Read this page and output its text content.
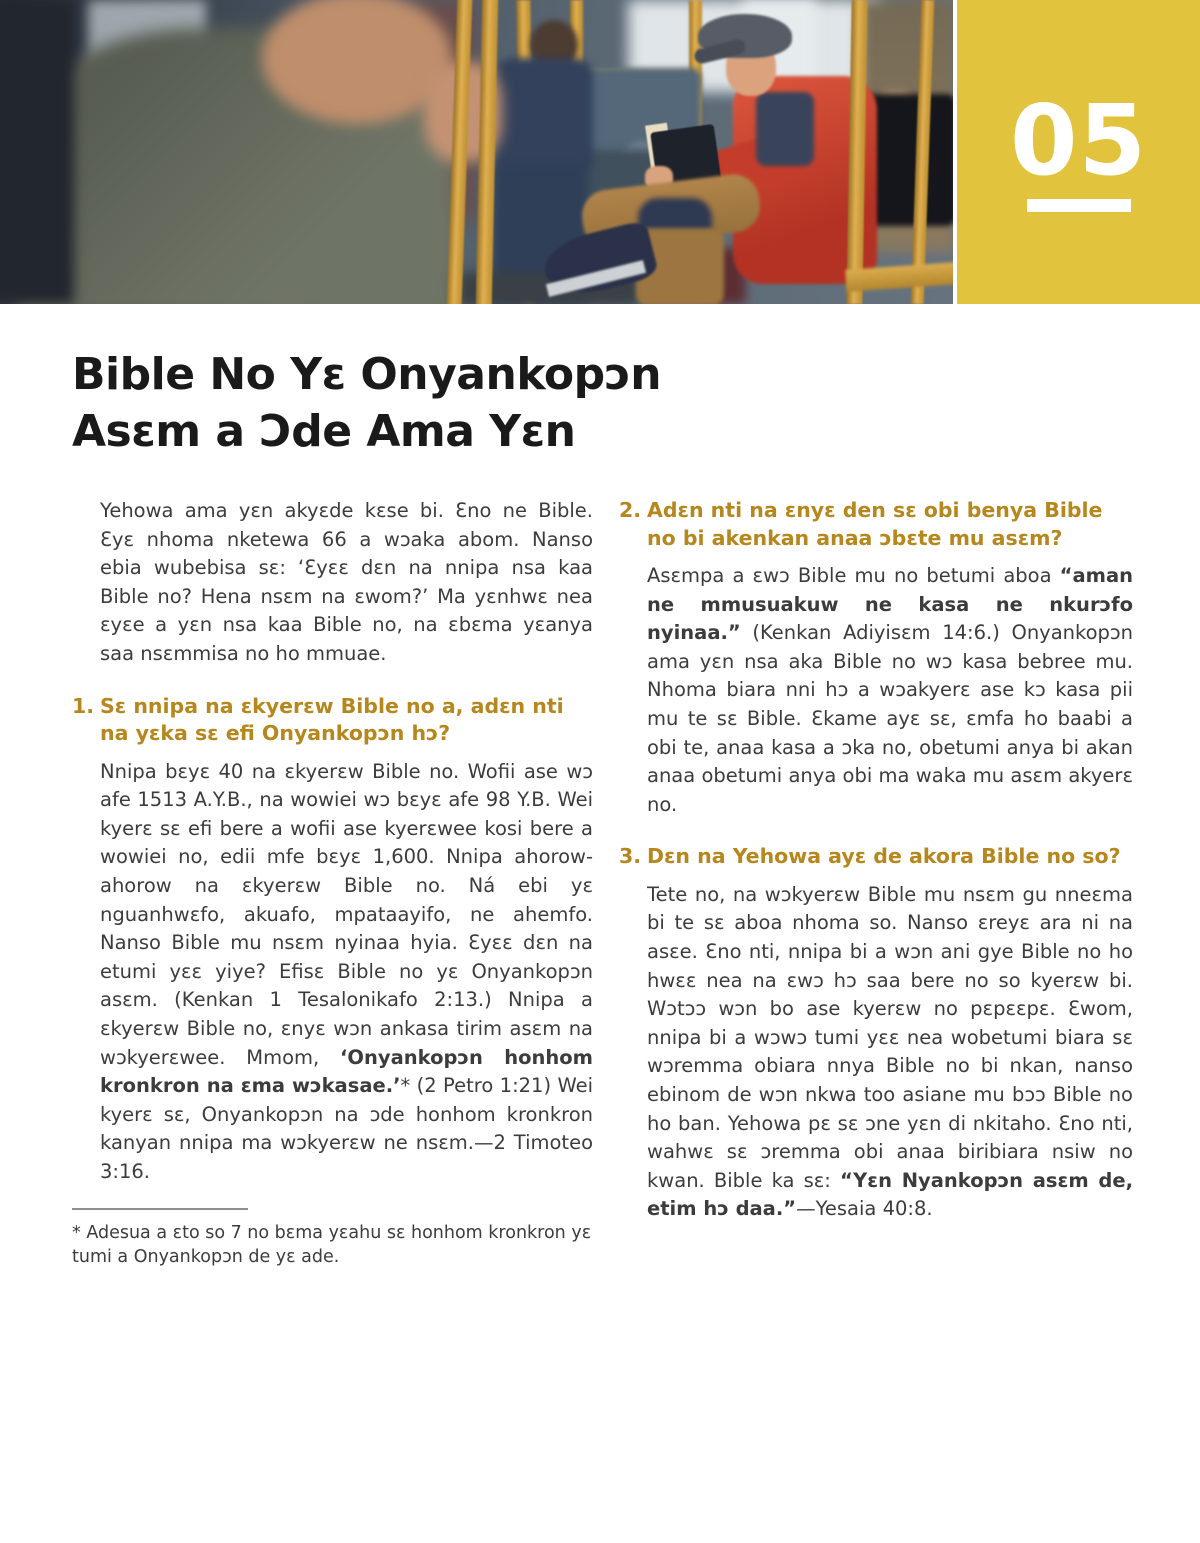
05
Bible No Yɛ Onyankopɔn
Asɛm a Ɔde Ama Yɛn

Yehowa ama yɛn akyɛde kɛse bi. Ɛno ne Bible. Ɛyɛ nhoma nketewa 66 a wɔaka abom. Nanso ebia wubebisa sɛ: ‘Ɛyɛɛ dɛn na nnipa nsa kaa Bible no? Hena nsɛm na ɛwom?’ Ma yɛnhwɛ nea ɛyɛe a yɛn nsa kaa Bible no, na ɛbɛma yɛanya saa nsɛmmisa no ho mmuae.

1. Sɛ nnipa na ɛkyerɛw Bible no a, adɛn nti na yɛka sɛ efi Onyankopɔn hɔ?

Nnipa bɛyɛ 40 na ɛkyerɛw Bible no. Wofii ase wɔ afe 1513 A.Y.B., na wowiei wɔ bɛyɛ afe 98 Y.B. Wei kyerɛ sɛ efi bere a wofii ase kyerɛwee kosi bere a wowiei no, edii mfe bɛyɛ 1,600. Nnipa ahorow-ahorow na ɛkyerɛw Bible no. Ná ebi yɛ nguanhwɛfo, akuafo, mpataayifo, ne ahemfo. Nanso Bible mu nsɛm nyinaa hyia. Ɛyɛɛ dɛn na etumi yɛɛ yiye? Efisɛ Bible no yɛ Onyankopɔn asɛm. (Kenkan 1 Tesalonikafo 2:13.) Nnipa a ɛkyerɛw Bible no, ɛnyɛ wɔn ankasa tirim asɛm na wɔkyerɛwee. Mmom, ‘Onyankopɔn honhom kronkron na ɛma wɔkasae.’* (2 Petro 1:21) Wei kyerɛ sɛ, Onyankopɔn na ɔde honhom kronkron kanyan nnipa ma wɔkyerɛw ne nsɛm.—2 Timoteo 3:16.

* Adesua a ɛto so 7 no bɛma yɛahu sɛ honhom kronkron yɛ tumi a Onyankopɔn de yɛ ade.

2. Adɛn nti na ɛnyɛ den sɛ obi benya Bible no bi akenkan anaa ɔbɛte mu asɛm?

Asɛmpa a ɛwɔ Bible mu no betumi aboa “aman ne mmusuakuw ne kasa ne nkurɔfo nyinaa.” (Kenkan Adiyisɛm 14:6.) Onyankopɔn ama yɛn nsa aka Bible no wɔ kasa bebree mu. Nhoma biara nni hɔ a wɔakyerɛ ase kɔ kasa pii mu te sɛ Bible. Ɛkame ayɛ sɛ, ɛmfa ho baabi a obi te, anaa kasa a ɔka no, obetumi anya bi akan anaa obetumi anya obi ma waka mu asɛm akyerɛ no.

3. Dɛn na Yehowa ayɛ de akora Bible no so?

Tete no, na wɔkyerɛw Bible mu nsɛm gu nneɛma bi te sɛ aboa nhoma so. Nanso ɛreyɛ ara ni na asɛe. Ɛno nti, nnipa bi a wɔn ani gye Bible no ho hwɛɛ nea na ɛwɔ hɔ saa bere no so kyerɛw bi. Wɔtɔɔ wɔn bo ase kyerɛw no pɛpɛɛpɛ. Ɛwom, nnipa bi a wɔwɔ tumi yɛɛ nea wobetumi biara sɛ wɔremma obiara nnya Bible no bi nkan, nanso ebinom de wɔn nkwa too asiane mu bɔɔ Bible no ho ban. Yehowa pɛ sɛ ɔne yɛn di nkitaho. Ɛno nti, wahwɛ sɛ ɔremma obi anaa biribiara nsiw no kwan. Bible ka sɛ: “Yɛn Nyankopɔn asɛm de, etim hɔ daa.”—Yesaia 40:8.
